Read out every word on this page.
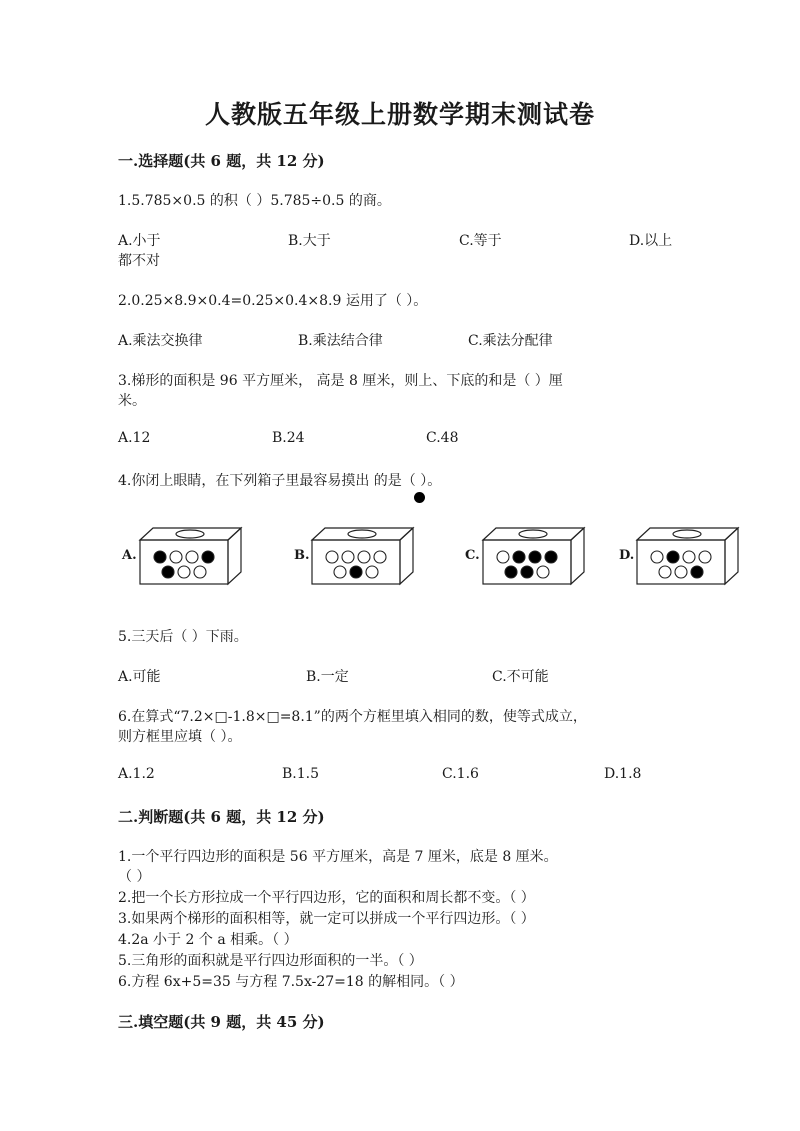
人教版五年级上册数学期末测试卷
一.选择题(共 6 题，共 12 分)
1.5.785×0.5 的积（ ）5.785÷0.5 的商。
A.小于	B.大于	C.等于	D.以上
都不对
2.0.25×8.9×0.4=0.25×0.4×8.9 运用了（ ）。
A.乘法交换律	B.乘法结合律	C.乘法分配律
3.梯形的面积是 96 平方厘米， 高是 8 厘米，则上、下底的和是（ ）厘
米。
A.12	B.24	C.48
4.你闭上眼睛，在下列箱子里最容易摸出 的是（ ）。
A.	B.	C.	D.
5.三天后（ ）下雨。
A.可能	B.一定	C.不可能
6.在算式“7.2×□-1.8×□=8.1”的两个方框里填入相同的数，使等式成立，
则方框里应填（ ）。
A.1.2	B.1.5	C.1.6	D.1.8
二.判断题(共 6 题，共 12 分)
1.一个平行四边形的面积是 56 平方厘米，高是 7 厘米，底是 8 厘米。
（ ）
2.把一个长方形拉成一个平行四边形，它的面积和周长都不变。（ ）
3.如果两个梯形的面积相等，就一定可以拼成一个平行四边形。（ ）
4.2a 小于 2 个 a 相乘。（ ）
5.三角形的面积就是平行四边形面积的一半。（ ）
6.方程 6x+5=35 与方程 7.5x-27=18 的解相同。（ ）
三.填空题(共 9 题，共 45 分)
